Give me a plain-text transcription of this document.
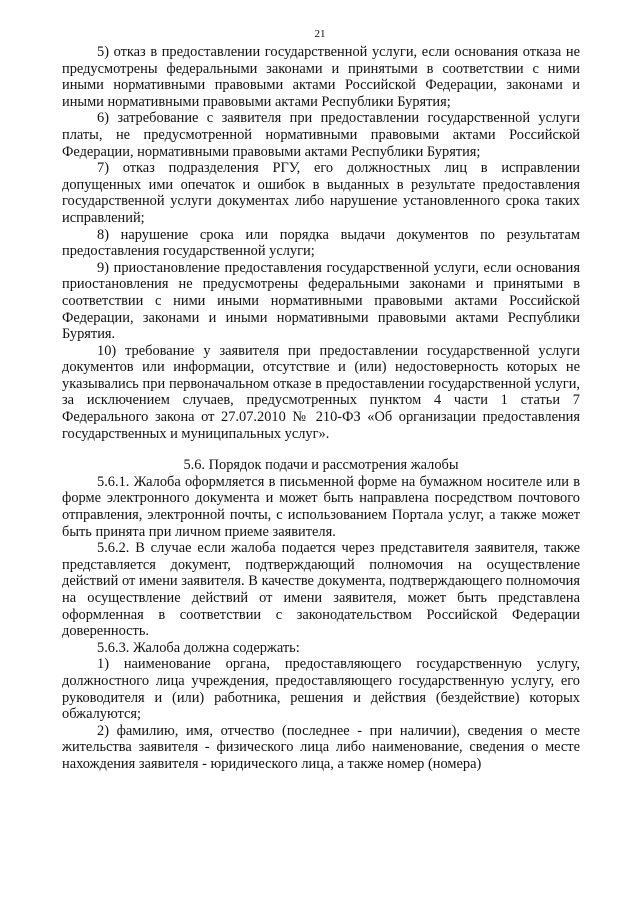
21

5) отказ в предоставлении государственной услуги, если основания отказа не предусмотрены федеральными законами и принятыми в соответствии с ними иными нормативными правовыми актами Российской Федерации, законами и иными нормативными правовыми актами Республики Бурятия;

6) затребование с заявителя при предоставлении государственной услуги платы, не предусмотренной нормативными правовыми актами Российской Федерации, нормативными правовыми актами Республики Бурятия;

7) отказ подразделения РГУ, его должностных лиц в исправлении допущенных ими опечаток и ошибок в выданных в результате предоставления государственной услуги документах либо нарушение установленного срока таких исправлений;

8) нарушение срока или порядка выдачи документов по результатам предоставления государственной услуги;

9) приостановление предоставления государственной услуги, если основания приостановления не предусмотрены федеральными законами и принятыми в соответствии с ними иными нормативными правовыми актами Российской Федерации, законами и иными нормативными правовыми актами Республики Бурятия.

10) требование у заявителя при предоставлении государственной услуги документов или информации, отсутствие и (или) недостоверность которых не указывались при первоначальном отказе в предоставлении государственной услуги, за исключением случаев, предусмотренных пунктом 4 части 1 статьи 7 Федерального закона от 27.07.2010 № 210-ФЗ «Об организации предоставления государственных и муниципальных услуг».

5.6. Порядок подачи и рассмотрения жалобы

5.6.1. Жалоба оформляется в письменной форме на бумажном носителе или в форме электронного документа и может быть направлена посредством почтового отправления, электронной почты, с использованием Портала услуг, а также может быть принята при личном приеме заявителя.

5.6.2. В случае если жалоба подается через представителя заявителя, также представляется документ, подтверждающий полномочия на осуществление действий от имени заявителя. В качестве документа, подтверждающего полномочия на осуществление действий от имени заявителя, может быть представлена оформленная в соответствии с законодательством Российской Федерации доверенность.

5.6.3. Жалоба должна содержать:

1) наименование органа, предоставляющего государственную услугу, должностного лица учреждения, предоставляющего государственную услугу, его руководителя и (или) работника, решения и действия (бездействие) которых обжалуются;

2) фамилию, имя, отчество (последнее - при наличии), сведения о месте жительства заявителя - физического лица либо наименование, сведения о месте нахождения заявителя - юридического лица, а также номер (номера)
